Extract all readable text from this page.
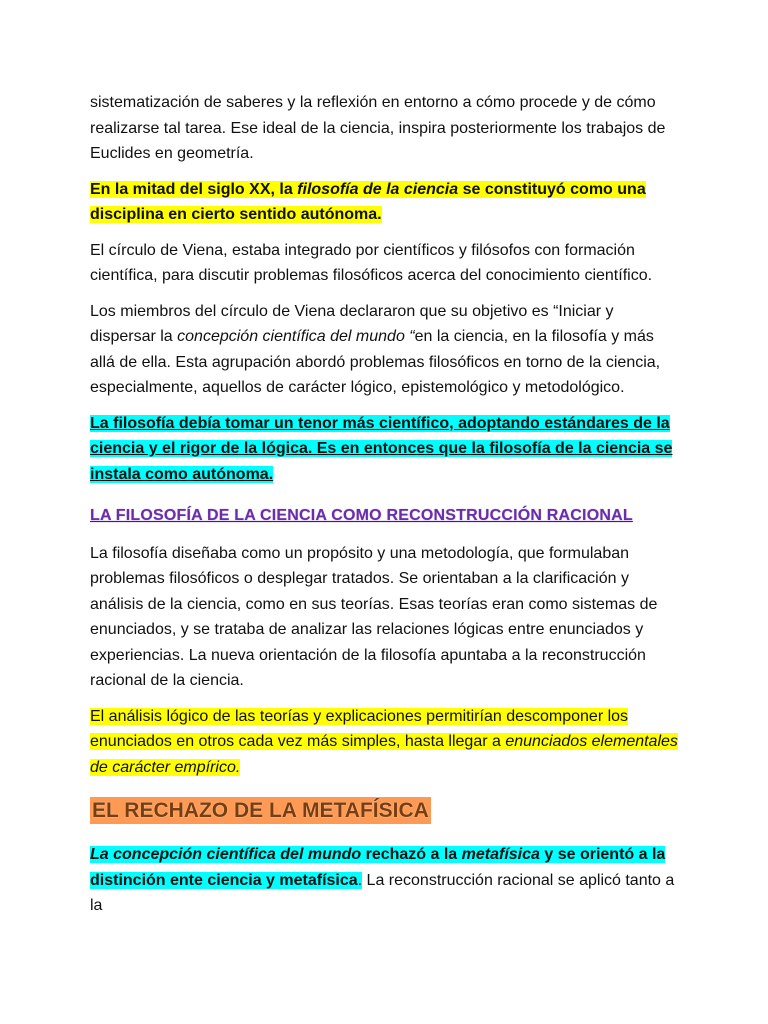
sistematización de saberes y la reflexión en entorno a cómo procede y de cómo realizarse tal tarea. Ese ideal de la ciencia, inspira posteriormente los trabajos de Euclides en geometría.

En la mitad del siglo XX, la filosofía de la ciencia se constituyó como una disciplina en cierto sentido autónoma.

El círculo de Viena, estaba integrado por científicos y filósofos con formación científica, para discutir problemas filosóficos acerca del conocimiento científico.

Los miembros del círculo de Viena declararon que su objetivo es “Iniciar y dispersar la concepción científica del mundo “en la ciencia, en la filosofía y más allá de ella. Esta agrupación abordó problemas filosóficos en torno de la ciencia, especialmente, aquellos de carácter lógico, epistemológico y metodológico.

La filosofía debía tomar un tenor más científico, adoptando estándares de la ciencia y el rigor de la lógica. Es en entonces que la filosofía de la ciencia se instala como autónoma.

LA FILOSOFÍA DE LA CIENCIA COMO RECONSTRUCCIÓN RACIONAL

La filosofía diseñaba como un propósito y una metodología, que formulaban problemas filosóficos o desplegar tratados. Se orientaban a la clarificación y análisis de la ciencia, como en sus teorías. Esas teorías eran como sistemas de enunciados, y se trataba de analizar las relaciones lógicas entre enunciados y experiencias. La nueva orientación de la filosofía apuntaba a la reconstrucción racional de la ciencia.

El análisis lógico de las teorías y explicaciones permitirían descomponer los enunciados en otros cada vez más simples, hasta llegar a enunciados elementales de carácter empírico.

EL RECHAZO DE LA METAFÍSICA

La concepción científica del mundo rechazó a la metafísica y se orientó a la distinción ente ciencia y metafísica. La reconstrucción racional se aplicó tanto a la
